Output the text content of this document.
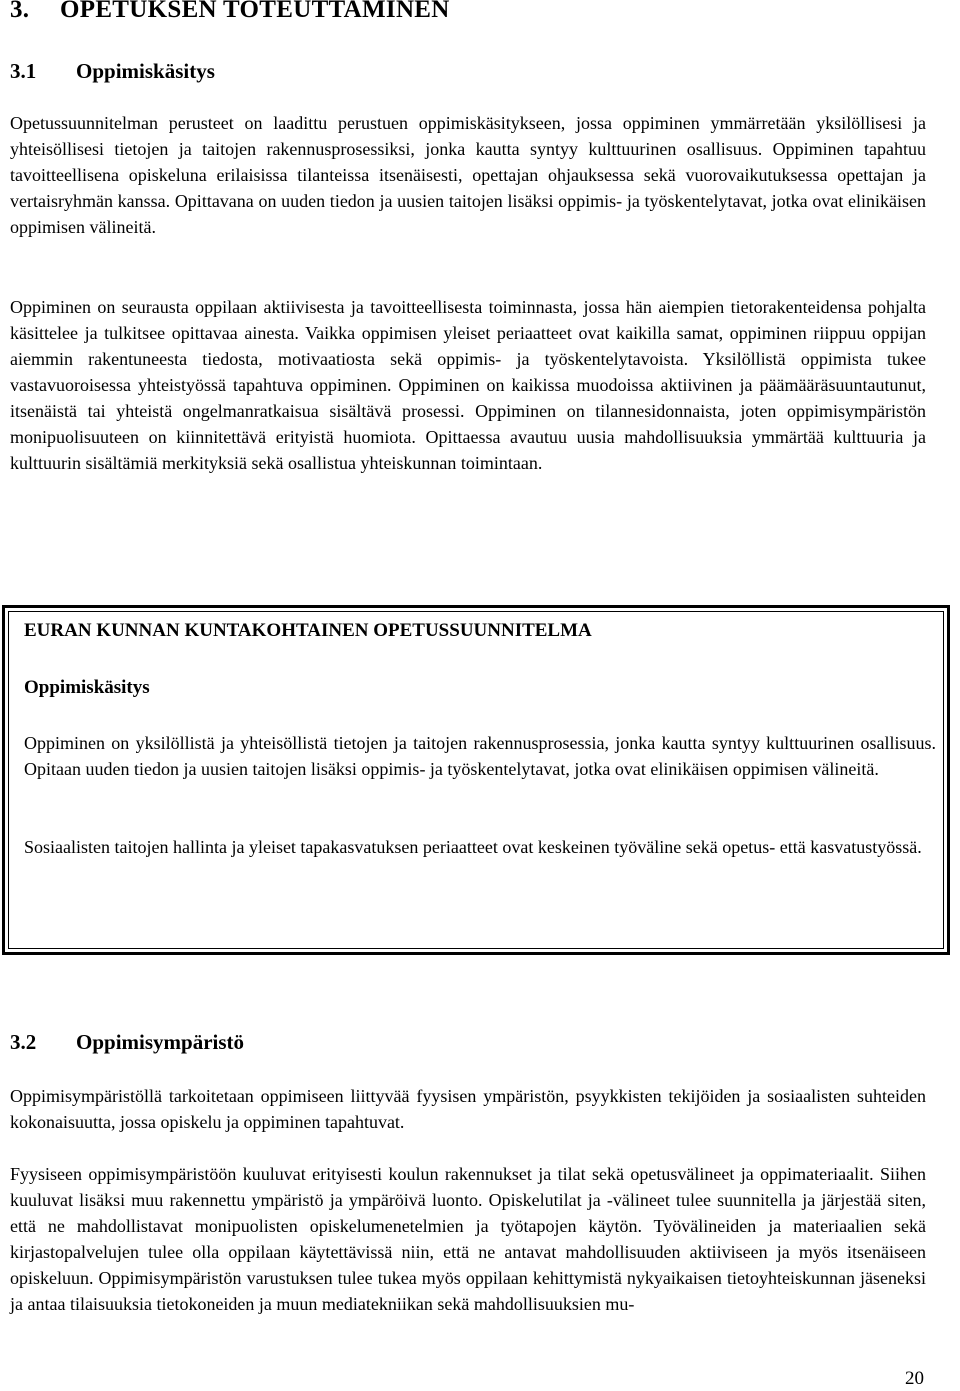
3. OPETUKSEN TOTEUTTAMINEN
3.1 Oppimiskäsitys

Opetussuunnitelman perusteet on laadittu perustuen oppimiskäsitykseen, jossa oppiminen ymmärretään yksilöllisesi ja yhteisöllisesi tietojen ja taitojen rakennusprosessiksi, jonka kautta syntyy kulttuurinen osallisuus. Oppiminen tapahtuu tavoitteellisena opiskeluna erilaisissa tilanteissa itsenäisesti, opettajan ohjauksessa sekä vuorovaikutuksessa opettajan ja vertaisryhmän kanssa. Opittavana on uuden tiedon ja uusien taitojen lisäksi oppimis- ja työskentelytavat, jotka ovat elinikäisen oppimisen välineitä.

Oppiminen on seurausta oppilaan aktiivisesta ja tavoitteellisesta toiminnasta, jossa hän aiempien tietorakenteidensa pohjalta käsittelee ja tulkitsee opittavaa ainesta. Vaikka oppimisen yleiset periaatteet ovat kaikilla samat, oppiminen riippuu oppijan aiemmin rakentuneesta tiedosta, motivaatiosta sekä oppimis- ja työskentelytavoista. Yksilöllistä oppimista tukee vastavuoroisessa yhteistyössä tapahtuva oppiminen. Oppiminen on kaikissa muodoissa aktiivinen ja päämääräsuuntautunut, itsenäistä tai yhteistä ongelmanratkaisua sisältävä prosessi. Oppiminen on tilannesidonnaista, joten oppimisympäristön monipuolisuuteen on kiinnitettävä erityistä huomiota. Opittaessa avautuu uusia mahdollisuuksia ymmärtää kulttuuria ja kulttuurin sisältämiä merkityksiä sekä osallistua yhteiskunnan toimintaan.

EURAN KUNNAN KUNTAKOHTAINEN OPETUSSUUNNITELMA
Oppimiskäsitys

Oppiminen on yksilöllistä ja yhteisöllistä tietojen ja taitojen rakennusprosessia, jonka kautta syntyy kulttuurinen osallisuus. Opitaan uuden tiedon ja uusien taitojen lisäksi oppimis- ja työskentelytavat, jotka ovat elinikäisen oppimisen välineitä.

Sosiaalisten taitojen hallinta ja yleiset tapakasvatuksen periaatteet ovat keskeinen työväline sekä opetus- että kasvatustyössä.

3.2 Oppimisympäristö

Oppimisympäristöllä tarkoitetaan oppimiseen liittyvää fyysisen ympäristön, psyykkisten tekijöiden ja sosiaalisten suhteiden kokonaisuutta, jossa opiskelu ja oppiminen tapahtuvat.

Fyysiseen oppimisympäristöön kuuluvat erityisesti koulun rakennukset ja tilat sekä opetusvälineet ja oppimateriaalit. Siihen kuuluvat lisäksi muu rakennettu ympäristö ja ympäröivä luonto. Opiskelutilat ja -välineet tulee suunnitella ja järjestää siten, että ne mahdollistavat monipuolisten opiskelumenetelmien ja työtapojen käytön. Työvälineiden ja materiaalien sekä kirjastopalvelujen tulee olla oppilaan käytettävissä niin, että ne antavat mahdollisuuden aktiiviseen ja myös itsenäiseen opiskeluun. Oppimisympäristön varustuksen tulee tukea myös oppilaan kehittymistä nykyaikaisen tietoyhteiskunnan jäseneksi ja antaa tilaisuuksia tietokoneiden ja muun mediatekniikan sekä mahdollisuuksien mu-

20
